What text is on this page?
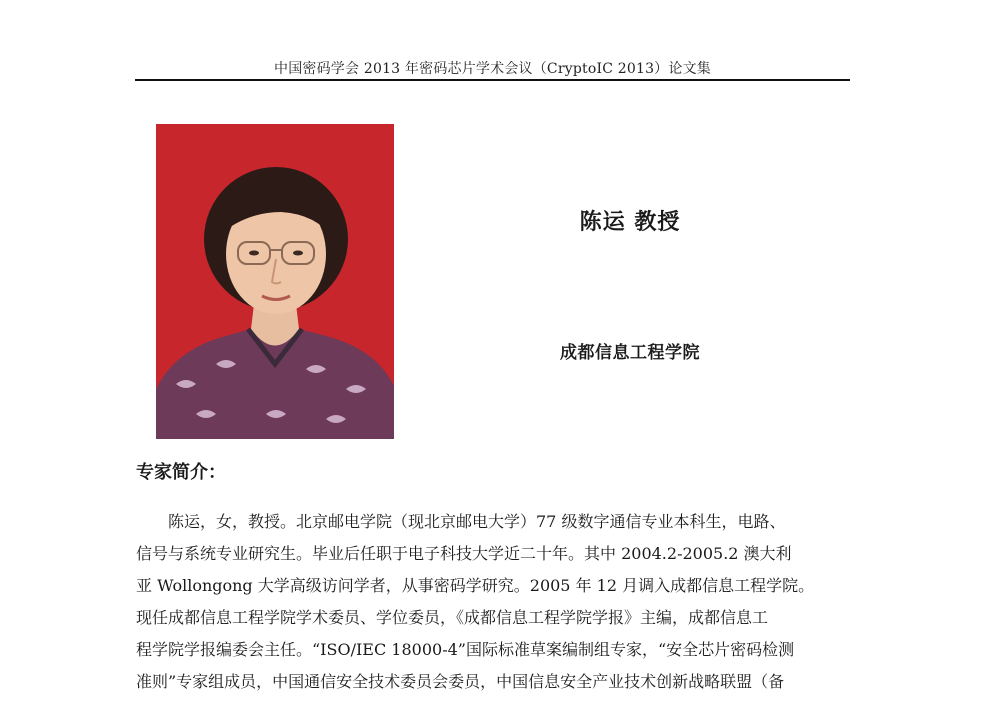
中国密码学会 2013 年密码芯片学术会议（CryptoIC 2013）论文集
陈运 教授
成都信息工程学院
专家简介：
陈运，女，教授。北京邮电学院（现北京邮电大学）77 级数字通信专业本科生，电路、
信号与系统专业研究生。毕业后任职于电子科技大学近二十年。其中 2004.2-2005.2 澳大利
亚 Wollongong 大学高级访问学者，从事密码学研究。2005 年 12 月调入成都信息工程学院。
现任成都信息工程学院学术委员、学位委员，《成都信息工程学院学报》主编，成都信息工
程学院学报编委会主任。“ISO/IEC 18000-4”国际标准草案编制组专家，“安全芯片密码检测
准则”专家组成员，中国通信安全技术委员会委员，中国信息安全产业技术创新战略联盟（备
